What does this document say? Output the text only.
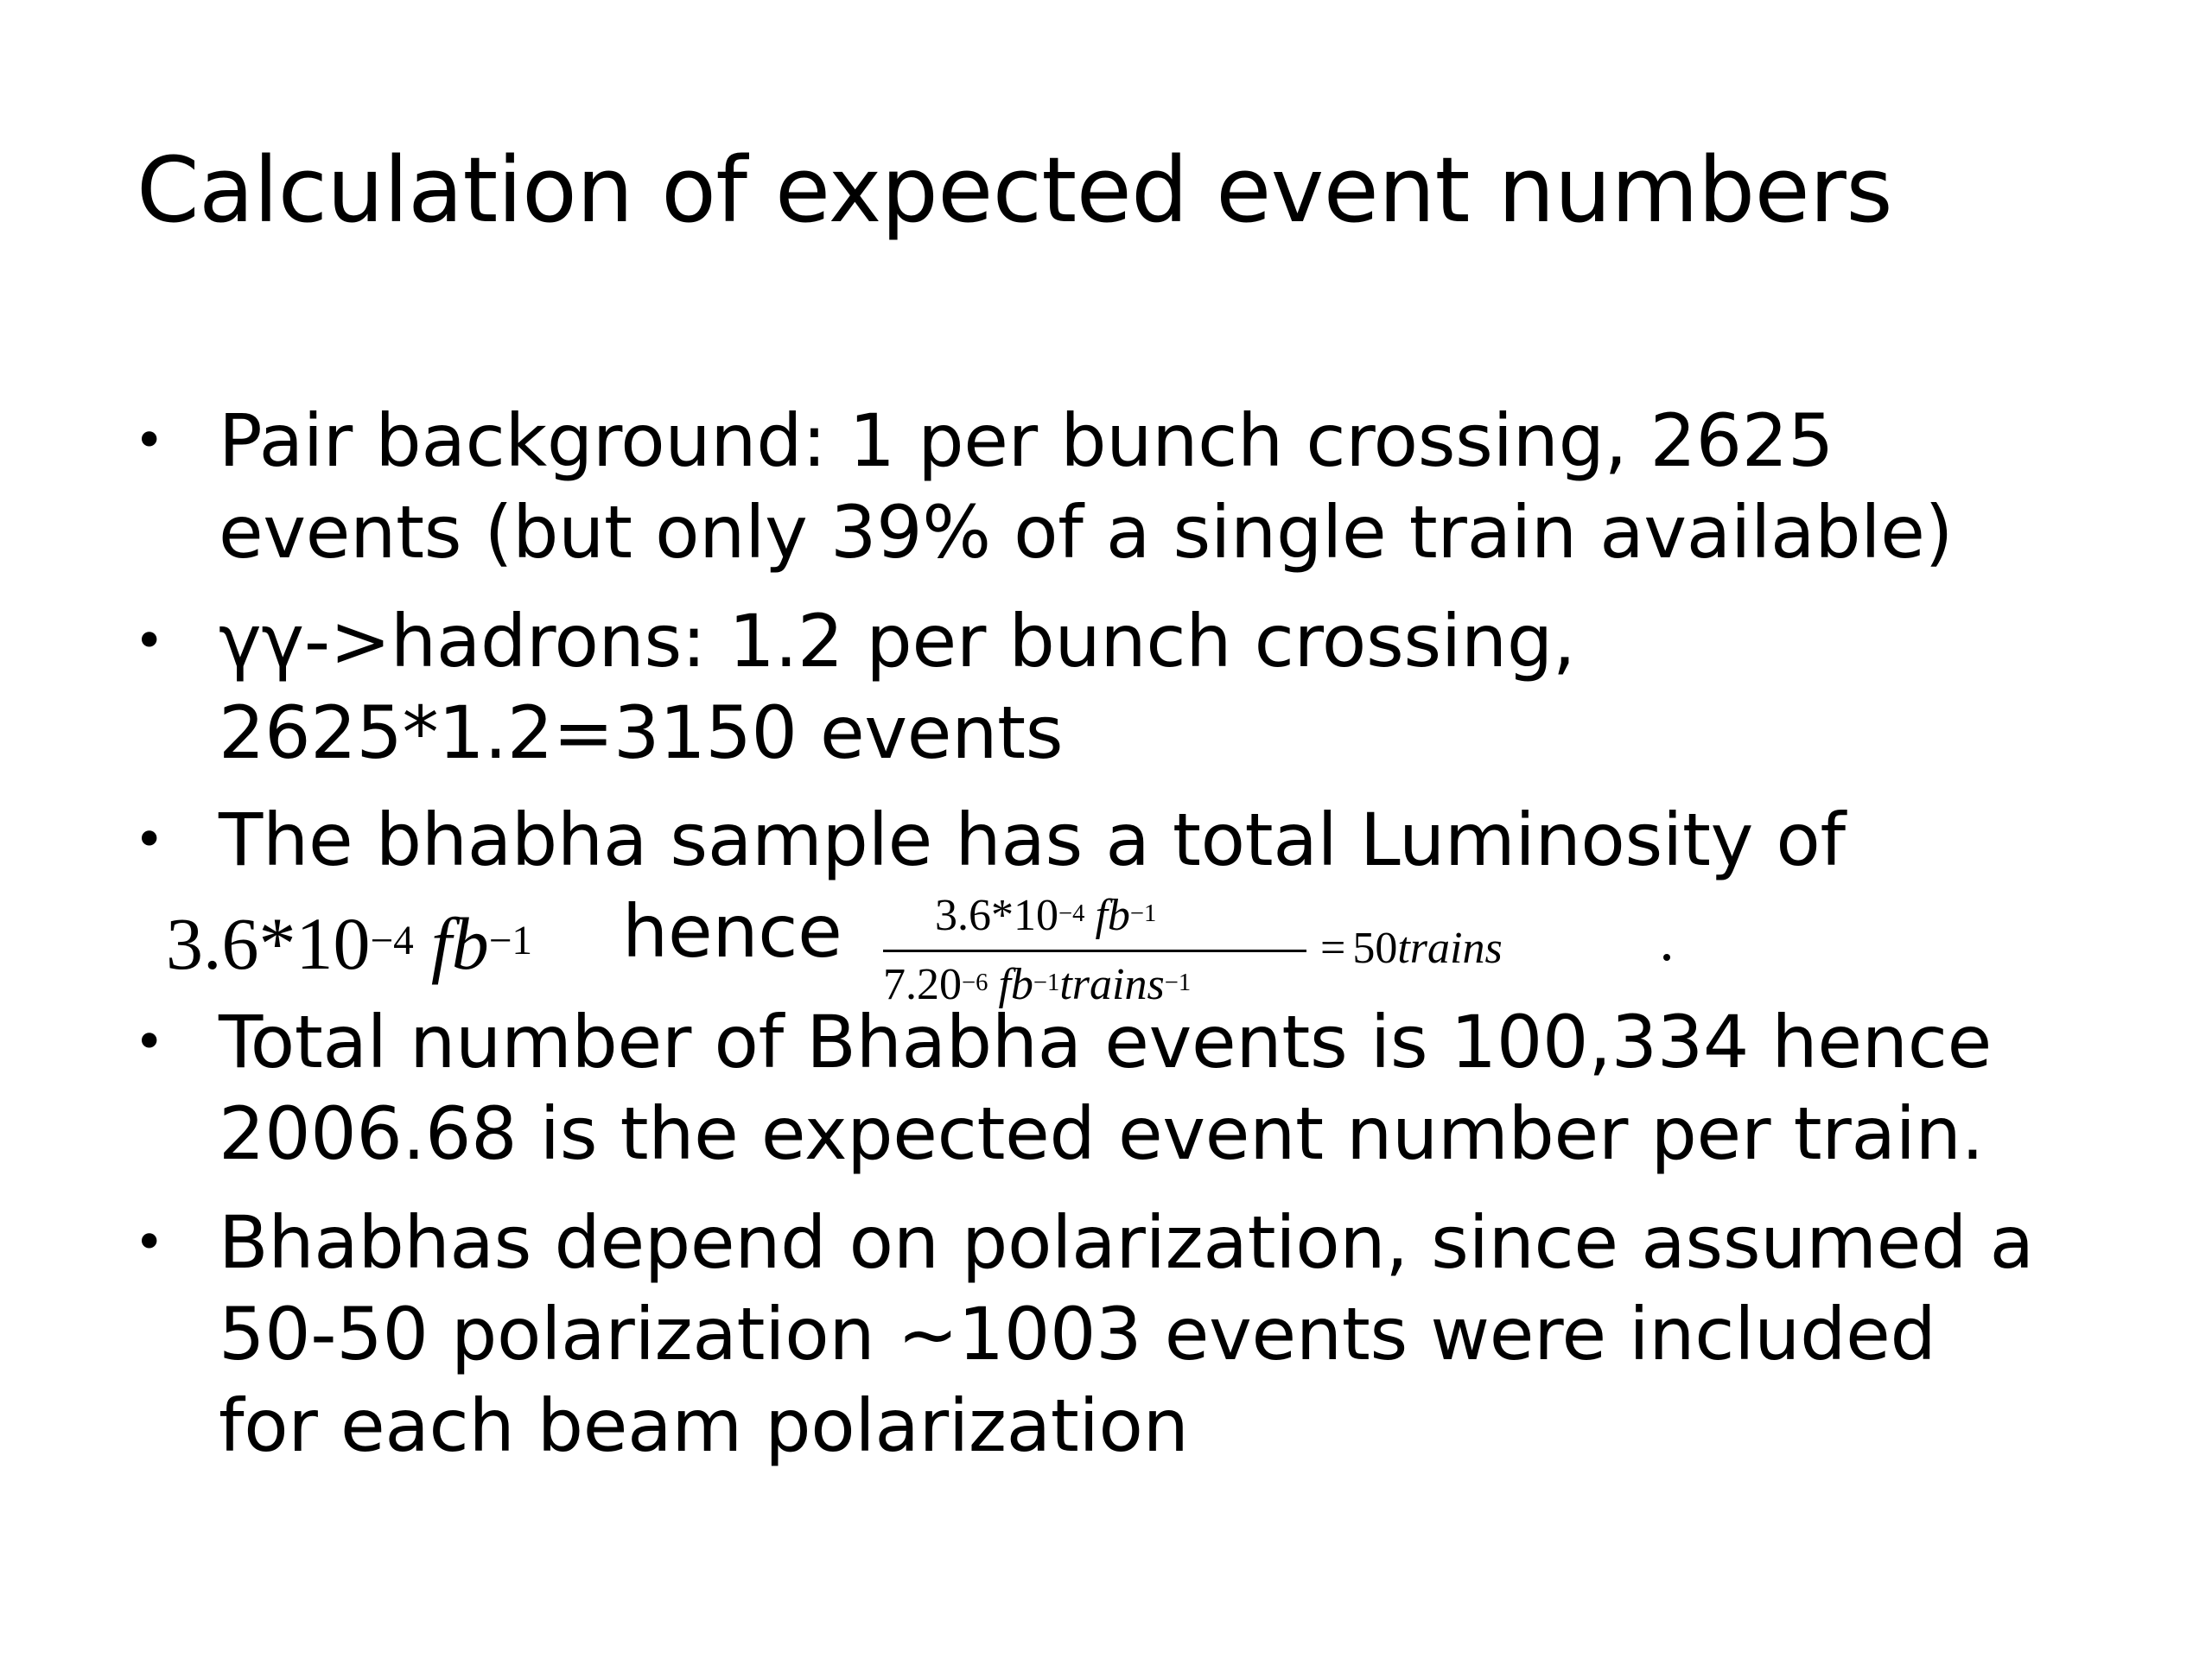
Calculation of expected event numbers
• Pair background: 1 per bunch crossing, 2625
events (but only 39% of a single train available)
• γγ->hadrons: 1.2 per bunch crossing,
2625*1.2=3150 events
• The bhabha sample has a total Luminosity of
$3.6*10^{-4}$ $fb^{-1}$ hence $3.6*10^{-4}$ $fb^{-1}$
$7.20^{-6}$ $fb^{-1}trains^{-1}$
= 50trains
• Total number of Bhabha events is 100,334 hence
2006.68 is the expected event number per train.
• Bhabhas depend on polarization, since assumed a
50-50 polarization ~1003 events were included
for each beam polarization
